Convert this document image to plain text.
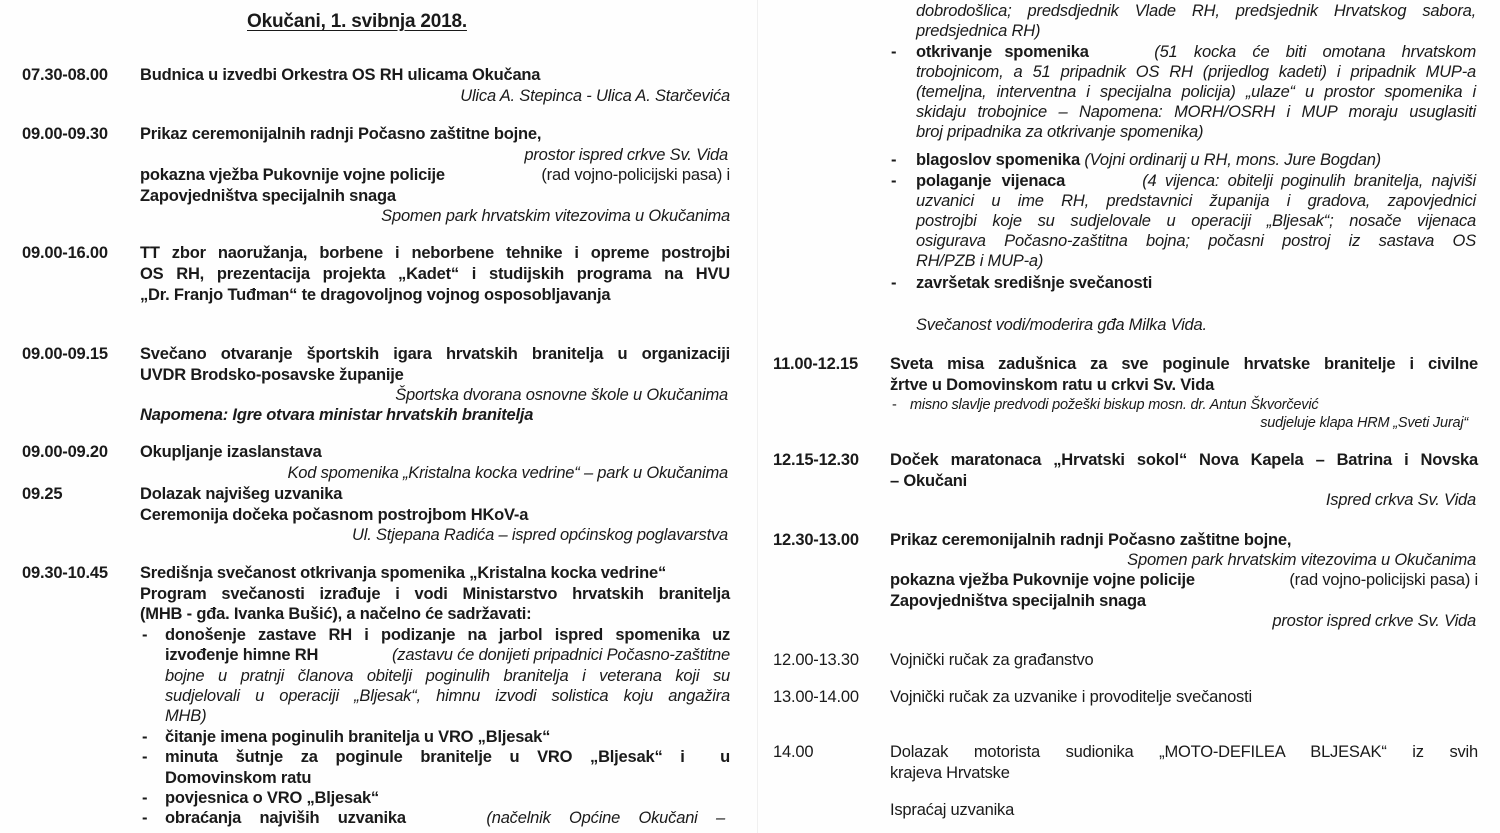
Okučani, 1. svibnja 2018.
07.30-08.00 Budnica u izvedbi Orkestra OS RH ulicama Okučana
Ulica A. Stepinca - Ulica A. Starčevića
09.00-09.30 Prikaz ceremonijalnih radnji Počasno zaštitne bojne,
prostor ispred crkve Sv. Vida
pokazna vježba Pukovnije vojne policije	(rad vojno-policijski pasa) i
Zapovjedništva specijalnih snaga
Spomen park hrvatskim vitezovima u Okučanima
09.00-16.00 TT zbor naoružanja, borbene i neborbene tehnike i opreme postrojbi
OS RH, prezentacija projekta „Kadet“ i studijskih programa na HVU
„Dr. Franjo Tuđman“ te dragovoljnog vojnog osposobljavanja
09.00-09.15 Svečano otvaranje športskih igara hrvatskih branitelja u organizaciji
UVDR Brodsko-posavske županije
Športska dvorana osnovne škole u Okučanima
Napomena: Igre otvara ministar hrvatskih branitelja
09.00-09.20 Okupljanje izaslanstava
Kod spomenika „Kristalna kocka vedrine“ – park u Okučanima
09.25	Dolazak najvišeg uzvanika
Ceremonija dočeka počasnom postrojbom HKoV-a
Ul. Stjepana Radića – ispred općinskog poglavarstva
09.30-10.45 Središnja svečanost otkrivanja spomenika „Kristalna kocka vedrine“
Program svečanosti izrađuje i vodi Ministarstvo hrvatskih branitelja
(MHB - gđa. Ivanka Bušić), a načelno će sadržavati:
- donošenje zastave RH i podizanje na jarbol ispred spomenika uz
izvođenje himne RH	(zastavu će donijeti pripadnici Počasno-zaštitne
bojne u pratnji članova obitelji poginulih branitelja i veterana koji su
sudjelovali u operaciji „Bljesak“, himnu izvodi solistica koju angažira
MHB)
- čitanje imena poginulih branitelja u VRO „Bljesak“
- minuta šutnje za poginule branitelje u VRO „Bljesak“ i  u
Domovinskom ratu
- povjesnica o VRO „Bljesak“
- obraćanja najviših uzvanika	(načelnik Općine Okučani –
dobrodošlica; predsdjednik Vlade RH, predsjednik Hrvatskog sabora,
predsjednica RH)
- otkrivanje spomenika	(51 kocka će biti omotana hrvatskom
trobojnicom, a 51 pripadnik OS RH (prijedlog kadeti) i pripadnik MUP-a
(temeljna, interventna i specijalna policija) „ulaze“ u prostor spomenika i
skidaju trobojnice – Napomena: MORH/OSRH i MUP moraju usuglasiti
broj pripadnika za otkrivanje spomenika)
- blagoslov spomenika (Vojni ordinarij u RH, mons. Jure Bogdan)
- polaganje vijenaca	(4 vijenca: obitelji poginulih branitelja, najviši
uzvanici u ime RH, predstavnici županija i gradova, zapovjednici
postrojbi koje su sudjelovale u operaciji „Bljesak“; nosače vijenaca
osigurava Počasno-zaštitna bojna; počasni postroj iz sastava OS
RH/PZB i MUP-a)
- završetak središnje svečanosti
Svečanost vodi/moderira gđa Milka Vida.
11.00-12.15 Sveta misa zadušnica za sve poginule hrvatske branitelje i civilne
žrtve u Domovinskom ratu u crkvi Sv. Vida
- misno slavlje predvodi požeški biskup mosn. dr. Antun Škvorčević
sudjeluje klapa HRM „Sveti Juraj“
12.15-12.30 Doček maratonaca „Hrvatski sokol“ Nova Kapela – Batrina i Novska
– Okučani
Ispred crkva Sv. Vida
12.30-13.00 Prikaz ceremonijalnih radnji Počasno zaštitne bojne,
Spomen park hrvatskim vitezovima u Okučanima
pokazna vježba Pukovnije vojne policije	(rad vojno-policijski pasa) i
Zapovjedništva specijalnih snaga
prostor ispred crkve Sv. Vida
12.00-13.30 Vojnički ručak za građanstvo
13.00-14.00 Vojnički ručak za uzvanike i provoditelje svečanosti
14.00	Dolazak motorista sudionika „MOTO-DEFILEA BLJESAK“ iz svih
krajeva Hrvatske
Ispraćaj uzvanika
